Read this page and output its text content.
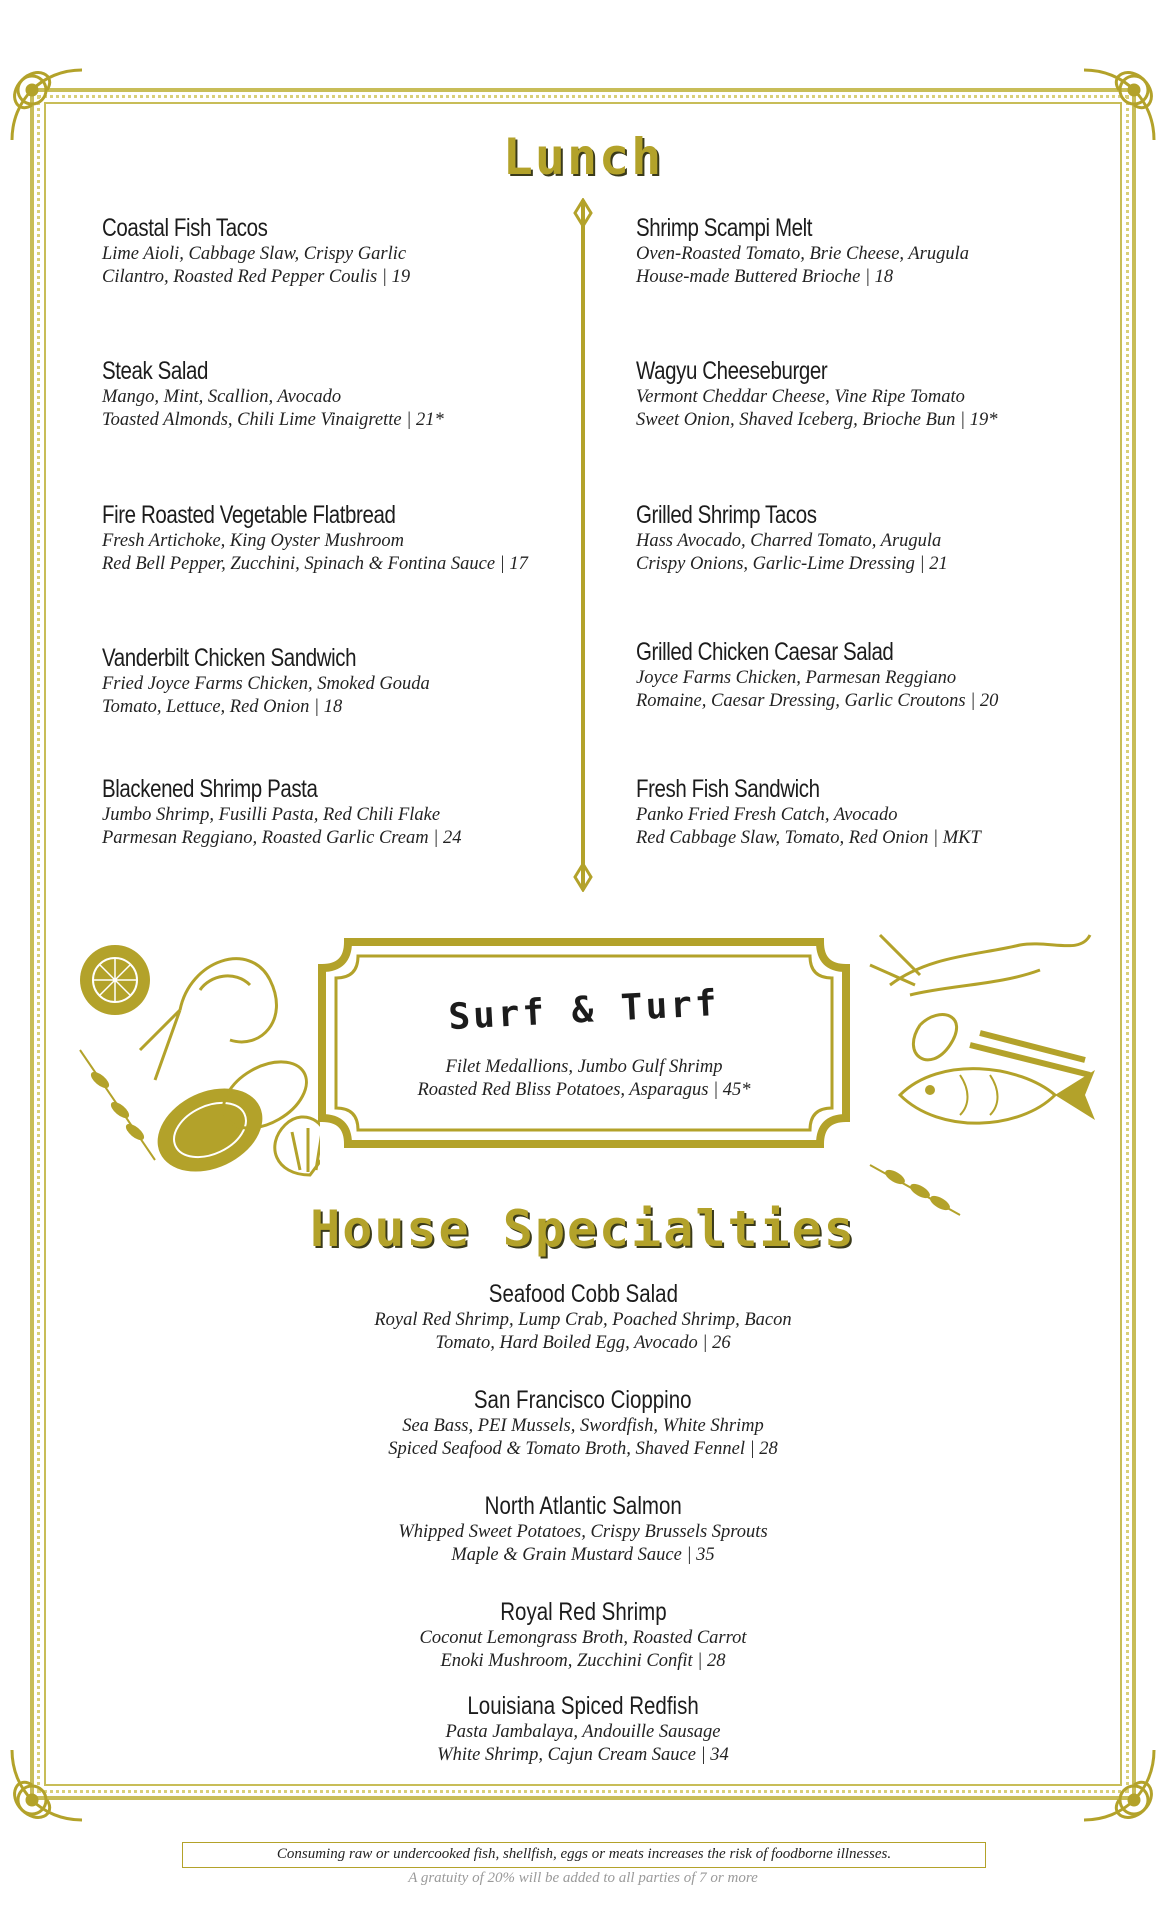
Lunch
Coastal Fish Tacos
Lime Aioli, Cabbage Slaw, Crispy Garlic
Cilantro, Roasted Red Pepper Coulis | 19
Steak Salad
Mango, Mint, Scallion, Avocado
Toasted Almonds, Chili Lime Vinaigrette | 21*
Fire Roasted Vegetable Flatbread
Fresh Artichoke, King Oyster Mushroom
Red Bell Pepper, Zucchini, Spinach & Fontina Sauce | 17
Vanderbilt Chicken Sandwich
Fried Joyce Farms Chicken, Smoked Gouda
Tomato, Lettuce, Red Onion | 18
Blackened Shrimp Pasta
Jumbo Shrimp, Fusilli Pasta, Red Chili Flake
Parmesan Reggiano, Roasted Garlic Cream | 24
Shrimp Scampi Melt
Oven-Roasted Tomato, Brie Cheese, Arugula
House-made Buttered Brioche | 18
Wagyu Cheeseburger
Vermont Cheddar Cheese, Vine Ripe Tomato
Sweet Onion, Shaved Iceberg, Brioche Bun | 19*
Grilled Shrimp Tacos
Hass Avocado, Charred Tomato, Arugula
Crispy Onions, Garlic-Lime Dressing | 21
Grilled Chicken Caesar Salad
Joyce Farms Chicken, Parmesan Reggiano
Romaine, Caesar Dressing, Garlic Croutons | 20
Fresh Fish Sandwich
Panko Fried Fresh Catch, Avocado
Red Cabbage Slaw, Tomato, Red Onion | MKT
Surf & Turf
Filet Medallions, Jumbo Gulf Shrimp
Roasted Red Bliss Potatoes, Asparagus | 45*
House Specialties
Seafood Cobb Salad
Royal Red Shrimp, Lump Crab, Poached Shrimp, Bacon
Tomato, Hard Boiled Egg, Avocado | 26
San Francisco Cioppino
Sea Bass, PEI Mussels, Swordfish, White Shrimp
Spiced Seafood & Tomato Broth, Shaved Fennel | 28
North Atlantic Salmon
Whipped Sweet Potatoes, Crispy Brussels Sprouts
Maple & Grain Mustard Sauce | 35
Royal Red Shrimp
Coconut Lemongrass Broth, Roasted Carrot
Enoki Mushroom, Zucchini Confit | 28
Louisiana Spiced Redfish
Pasta Jambalaya, Andouille Sausage
White Shrimp, Cajun Cream Sauce | 34
Consuming raw or undercooked fish, shellfish, eggs or meats increases the risk of foodborne illnesses.
A gratuity of 20% will be added to all parties of 7 or more
